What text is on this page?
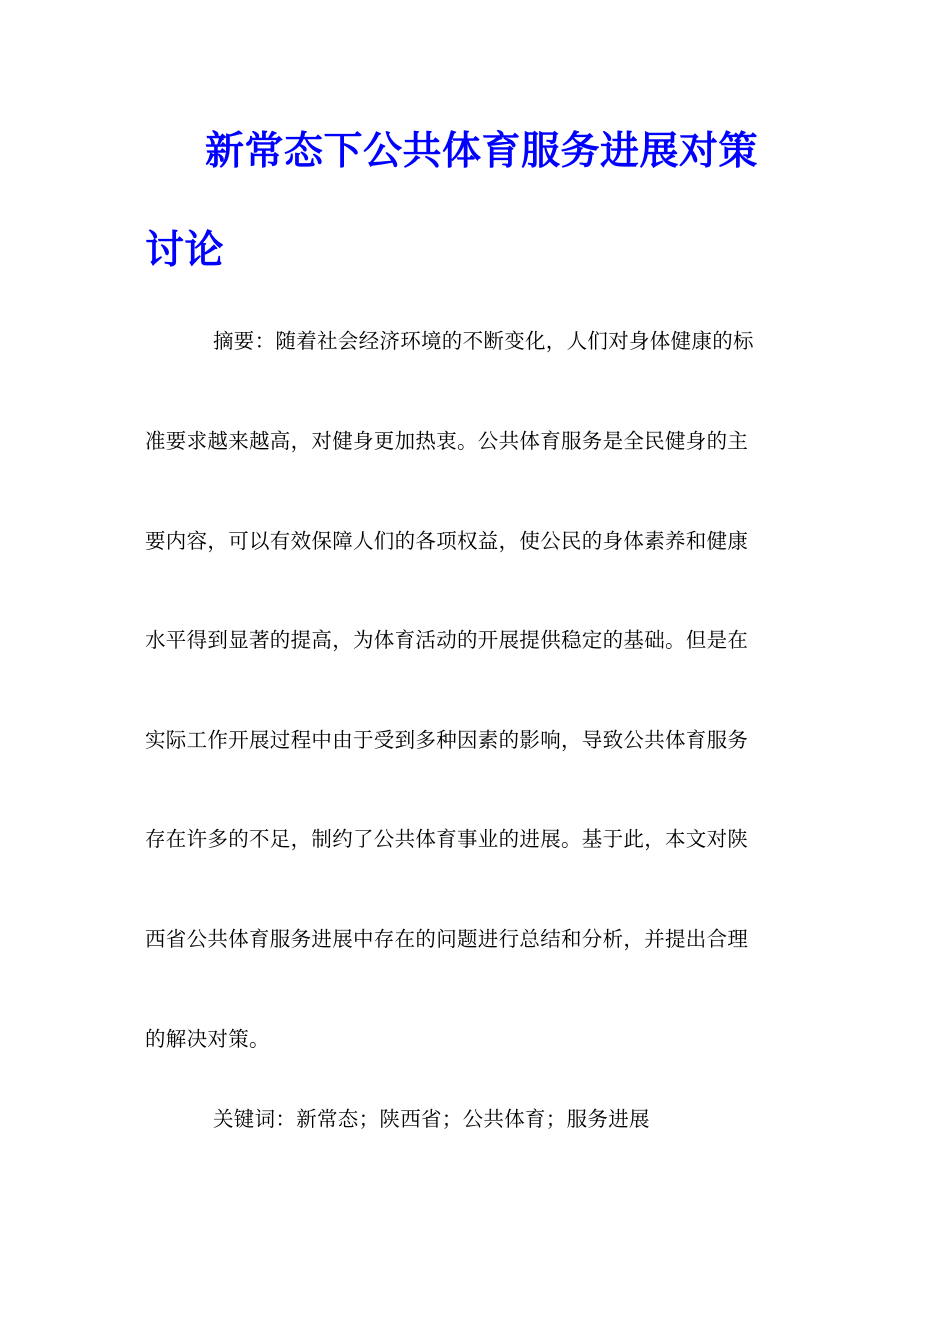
新常态下公共体育服务进展对策
讨论
摘要：随着社会经济环境的不断变化，人们对身体健康的标
准要求越来越高，对健身更加热衷。公共体育服务是全民健身的主
要内容，可以有效保障人们的各项权益，使公民的身体素养和健康
水平得到显著的提高，为体育活动的开展提供稳定的基础。但是在
实际工作开展过程中由于受到多种因素的影响，导致公共体育服务
存在许多的不足，制约了公共体育事业的进展。基于此，本文对陕
西省公共体育服务进展中存在的问题进行总结和分析，并提出合理
的解决对策。
关键词：新常态；陕西省；公共体育；服务进展
